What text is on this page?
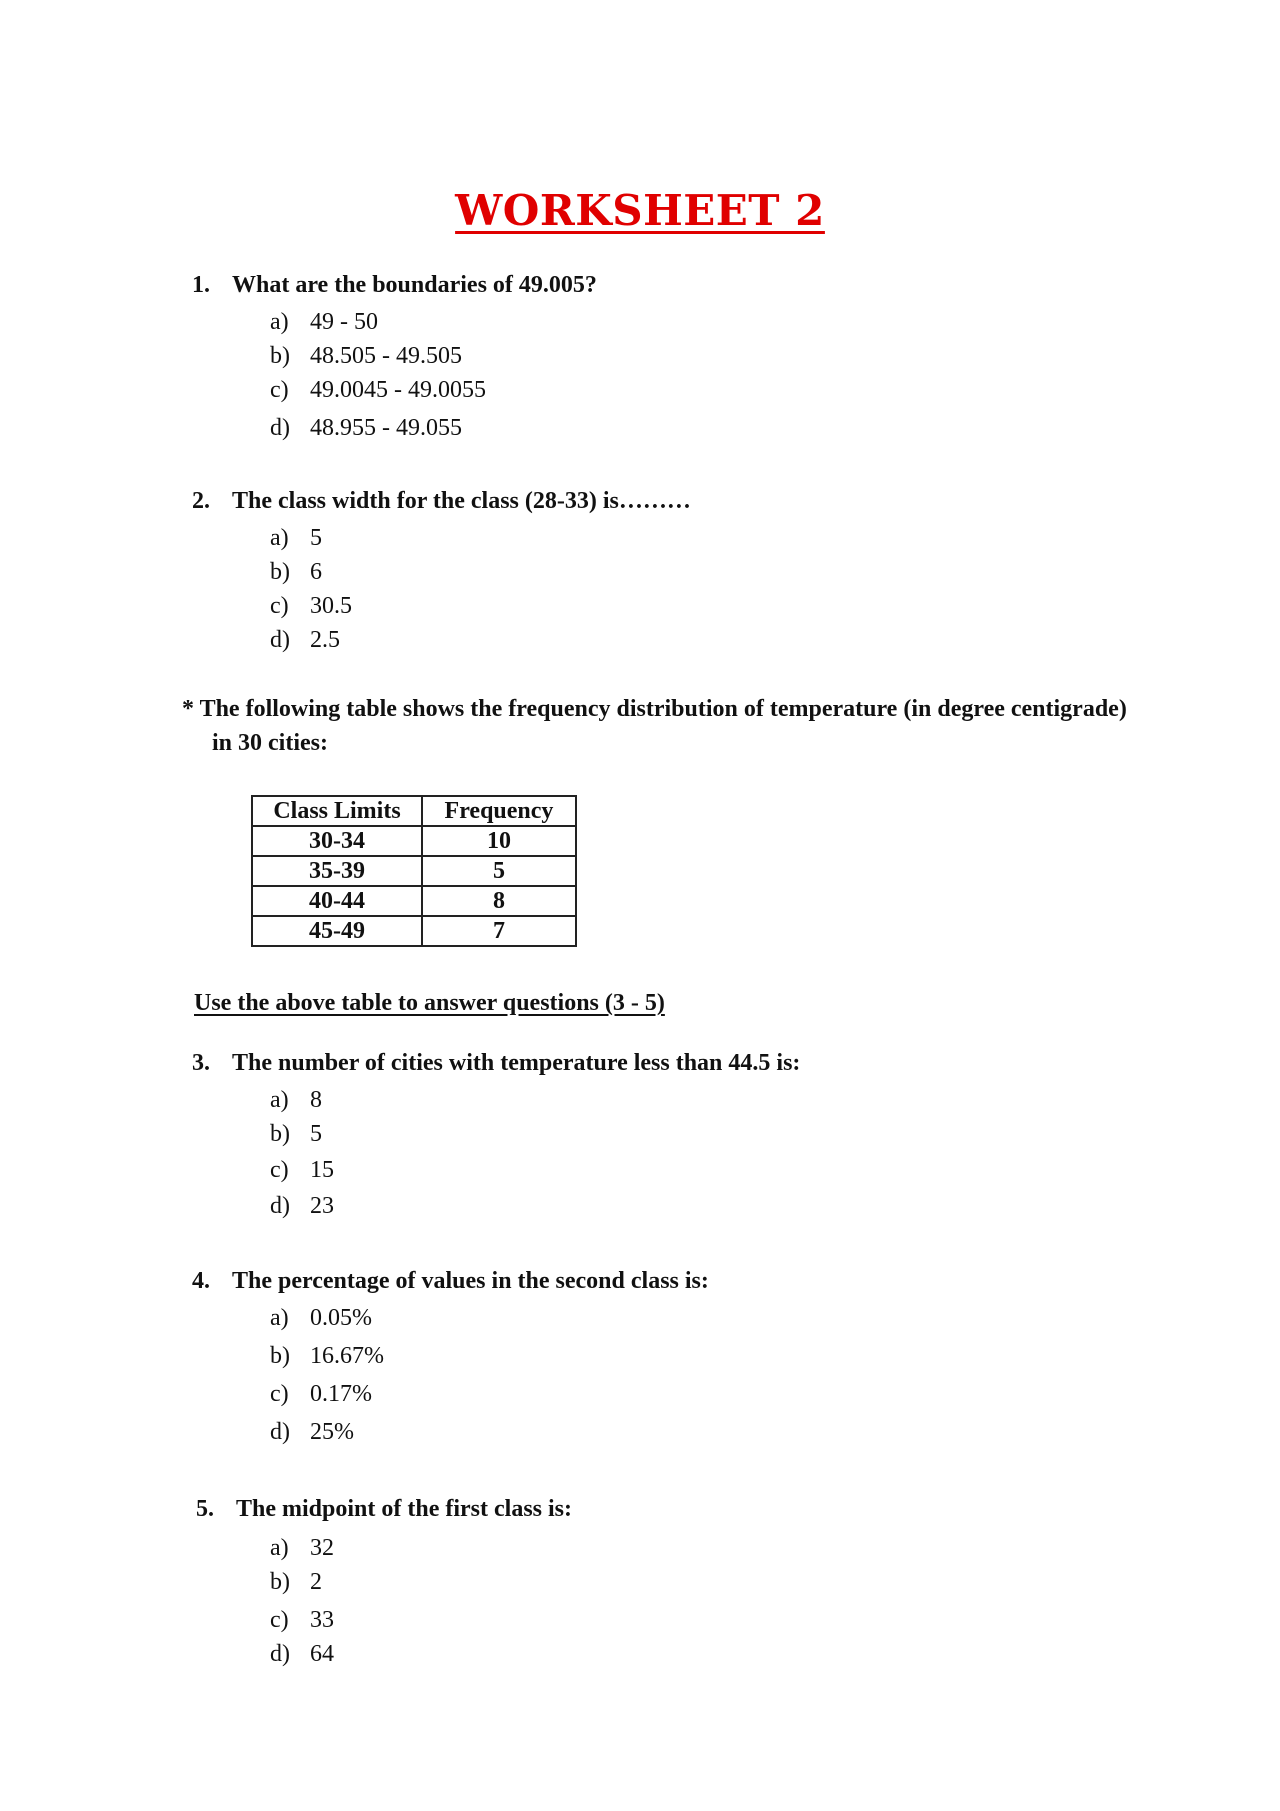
WORKSHEET 2
1. What are the boundaries of 49.005?
a) 49 - 50
b) 48.505 - 49.505
c) 49.0045 - 49.0055
d) 48.955 - 49.055
2. The class width for the class (28-33) is………
a) 5
b) 6
c) 30.5
d) 2.5
* The following table shows the frequency distribution of temperature (in degree centigrade)
in 30 cities:
Class Limits	Frequency
30-34	10
35-39	5
40-44	8
45-49	7
Use the above table to answer questions (3 - 5)
3. The number of cities with temperature less than 44.5 is:
a) 8
b) 5
c) 15
d) 23
4. The percentage of values in the second class is:
a) 0.05%
b) 16.67%
c) 0.17%
d) 25%
5. The midpoint of the first class is:
a) 32
b) 2
c) 33
d) 64
